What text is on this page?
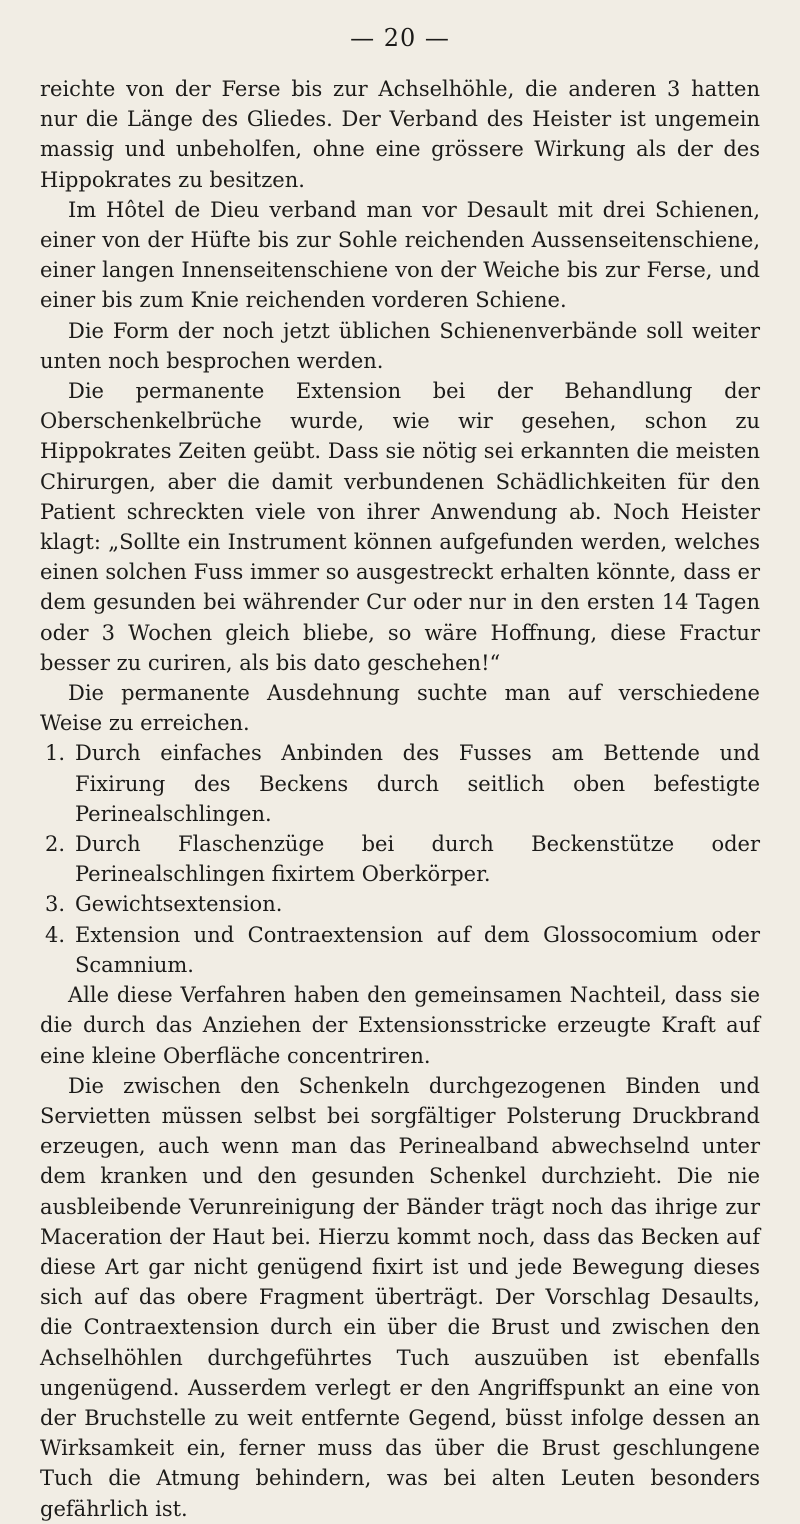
— 20 —

reichte von der Ferse bis zur Achselhöhle, die anderen 3 hatten nur die Länge des Gliedes. Der Verband des Heister ist ungemein massig und unbeholfen, ohne eine grössere Wirkung als der des Hippokrates zu besitzen.

Im Hôtel de Dieu verband man vor Desault mit drei Schienen, einer von der Hüfte bis zur Sohle reichenden Aussenseitenschiene, einer langen Innenseitenschiene von der Weiche bis zur Ferse, und einer bis zum Knie reichenden vorderen Schiene.

Die Form der noch jetzt üblichen Schienenverbände soll weiter unten noch besprochen werden.

Die permanente Extension bei der Behandlung der Oberschenkelbrüche wurde, wie wir gesehen, schon zu Hippokrates Zeiten geübt. Dass sie nötig sei erkannten die meisten Chirurgen, aber die damit verbundenen Schädlichkeiten für den Patient schreckten viele von ihrer Anwendung ab. Noch Heister klagt: „Sollte ein Instrument können aufgefunden werden, welches einen solchen Fuss immer so ausgestreckt erhalten könnte, dass er dem gesunden bei währender Cur oder nur in den ersten 14 Tagen oder 3 Wochen gleich bliebe, so wäre Hoffnung, diese Fractur besser zu curiren, als bis dato geschehen!“

Die permanente Ausdehnung suchte man auf verschiedene Weise zu erreichen.

1. Durch einfaches Anbinden des Fusses am Bettende und Fixirung des Beckens durch seitlich oben befestigte Perinealschlingen.
2. Durch Flaschenzüge bei durch Beckenstütze oder Perinealschlingen fixirtem Oberkörper.
3. Gewichtsextension.
4. Extension und Contraextension auf dem Glossocomium oder Scamnium.

Alle diese Verfahren haben den gemeinsamen Nachteil, dass sie die durch das Anziehen der Extensionsstricke erzeugte Kraft auf eine kleine Oberfläche concentriren.

Die zwischen den Schenkeln durchgezogenen Binden und Servietten müssen selbst bei sorgfältiger Polsterung Druckbrand erzeugen, auch wenn man das Perinealband abwechselnd unter dem kranken und den gesunden Schenkel durchzieht. Die nie ausbleibende Verunreinigung der Bänder trägt noch das ihrige zur Maceration der Haut bei. Hierzu kommt noch, dass das Becken auf diese Art gar nicht genügend fixirt ist und jede Bewegung dieses sich auf das obere Fragment überträgt. Der Vorschlag Desaults, die Contraextension durch ein über die Brust und zwischen den Achselhöhlen durchgeführtes Tuch auszuüben ist ebenfalls ungenügend. Ausserdem verlegt er den Angriffspunkt an eine von der Bruchstelle zu weit entfernte Gegend, büsst infolge dessen an Wirksamkeit ein, ferner muss das über die Brust geschlungene Tuch die Atmung behindern, was bei alten Leuten besonders gefährlich ist.
